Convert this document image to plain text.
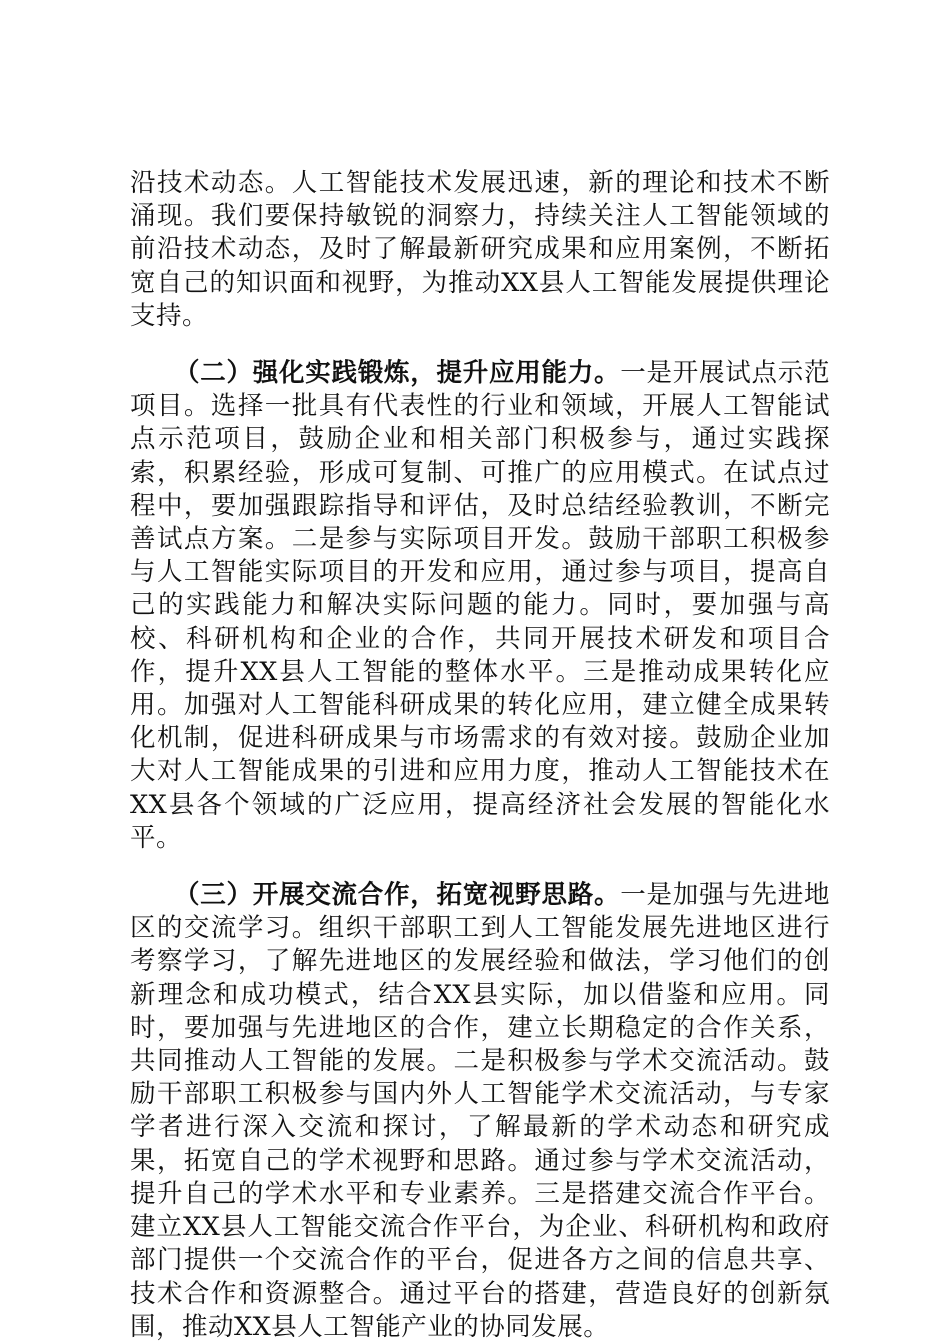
沿技术动态。人工智能技术发展迅速，新的理论和技术不断涌现。我们要保持敏锐的洞察力，持续关注人工智能领域的前沿技术动态，及时了解最新研究成果和应用案例，不断拓宽自己的知识面和视野，为推动XX县人工智能发展提供理论支持。

（二）强化实践锻炼，提升应用能力。一是开展试点示范项目。选择一批具有代表性的行业和领域，开展人工智能试点示范项目，鼓励企业和相关部门积极参与，通过实践探索，积累经验，形成可复制、可推广的应用模式。在试点过程中，要加强跟踪指导和评估，及时总结经验教训，不断完善试点方案。二是参与实际项目开发。鼓励干部职工积极参与人工智能实际项目的开发和应用，通过参与项目，提高自己的实践能力和解决实际问题的能力。同时，要加强与高校、科研机构和企业的合作，共同开展技术研发和项目合作，提升XX县人工智能的整体水平。三是推动成果转化应用。加强对人工智能科研成果的转化应用，建立健全成果转化机制，促进科研成果与市场需求的有效对接。鼓励企业加大对人工智能成果的引进和应用力度，推动人工智能技术在XX县各个领域的广泛应用，提高经济社会发展的智能化水平。

（三）开展交流合作，拓宽视野思路。一是加强与先进地区的交流学习。组织干部职工到人工智能发展先进地区进行考察学习，了解先进地区的发展经验和做法，学习他们的创新理念和成功模式，结合XX县实际，加以借鉴和应用。同时，要加强与先进地区的合作，建立长期稳定的合作关系，共同推动人工智能的发展。二是积极参与学术交流活动。鼓励干部职工积极参与国内外人工智能学术交流活动，与专家学者进行深入交流和探讨，了解最新的学术动态和研究成果，拓宽自己的学术视野和思路。通过参与学术交流活动，提升自己的学术水平和专业素养。三是搭建交流合作平台。建立XX县人工智能交流合作平台，为企业、科研机构和政府部门提供一个交流合作的平台，促进各方之间的信息共享、技术合作和资源整合。通过平台的搭建，营造良好的创新氛围，推动XX县人工智能产业的协同发展。
